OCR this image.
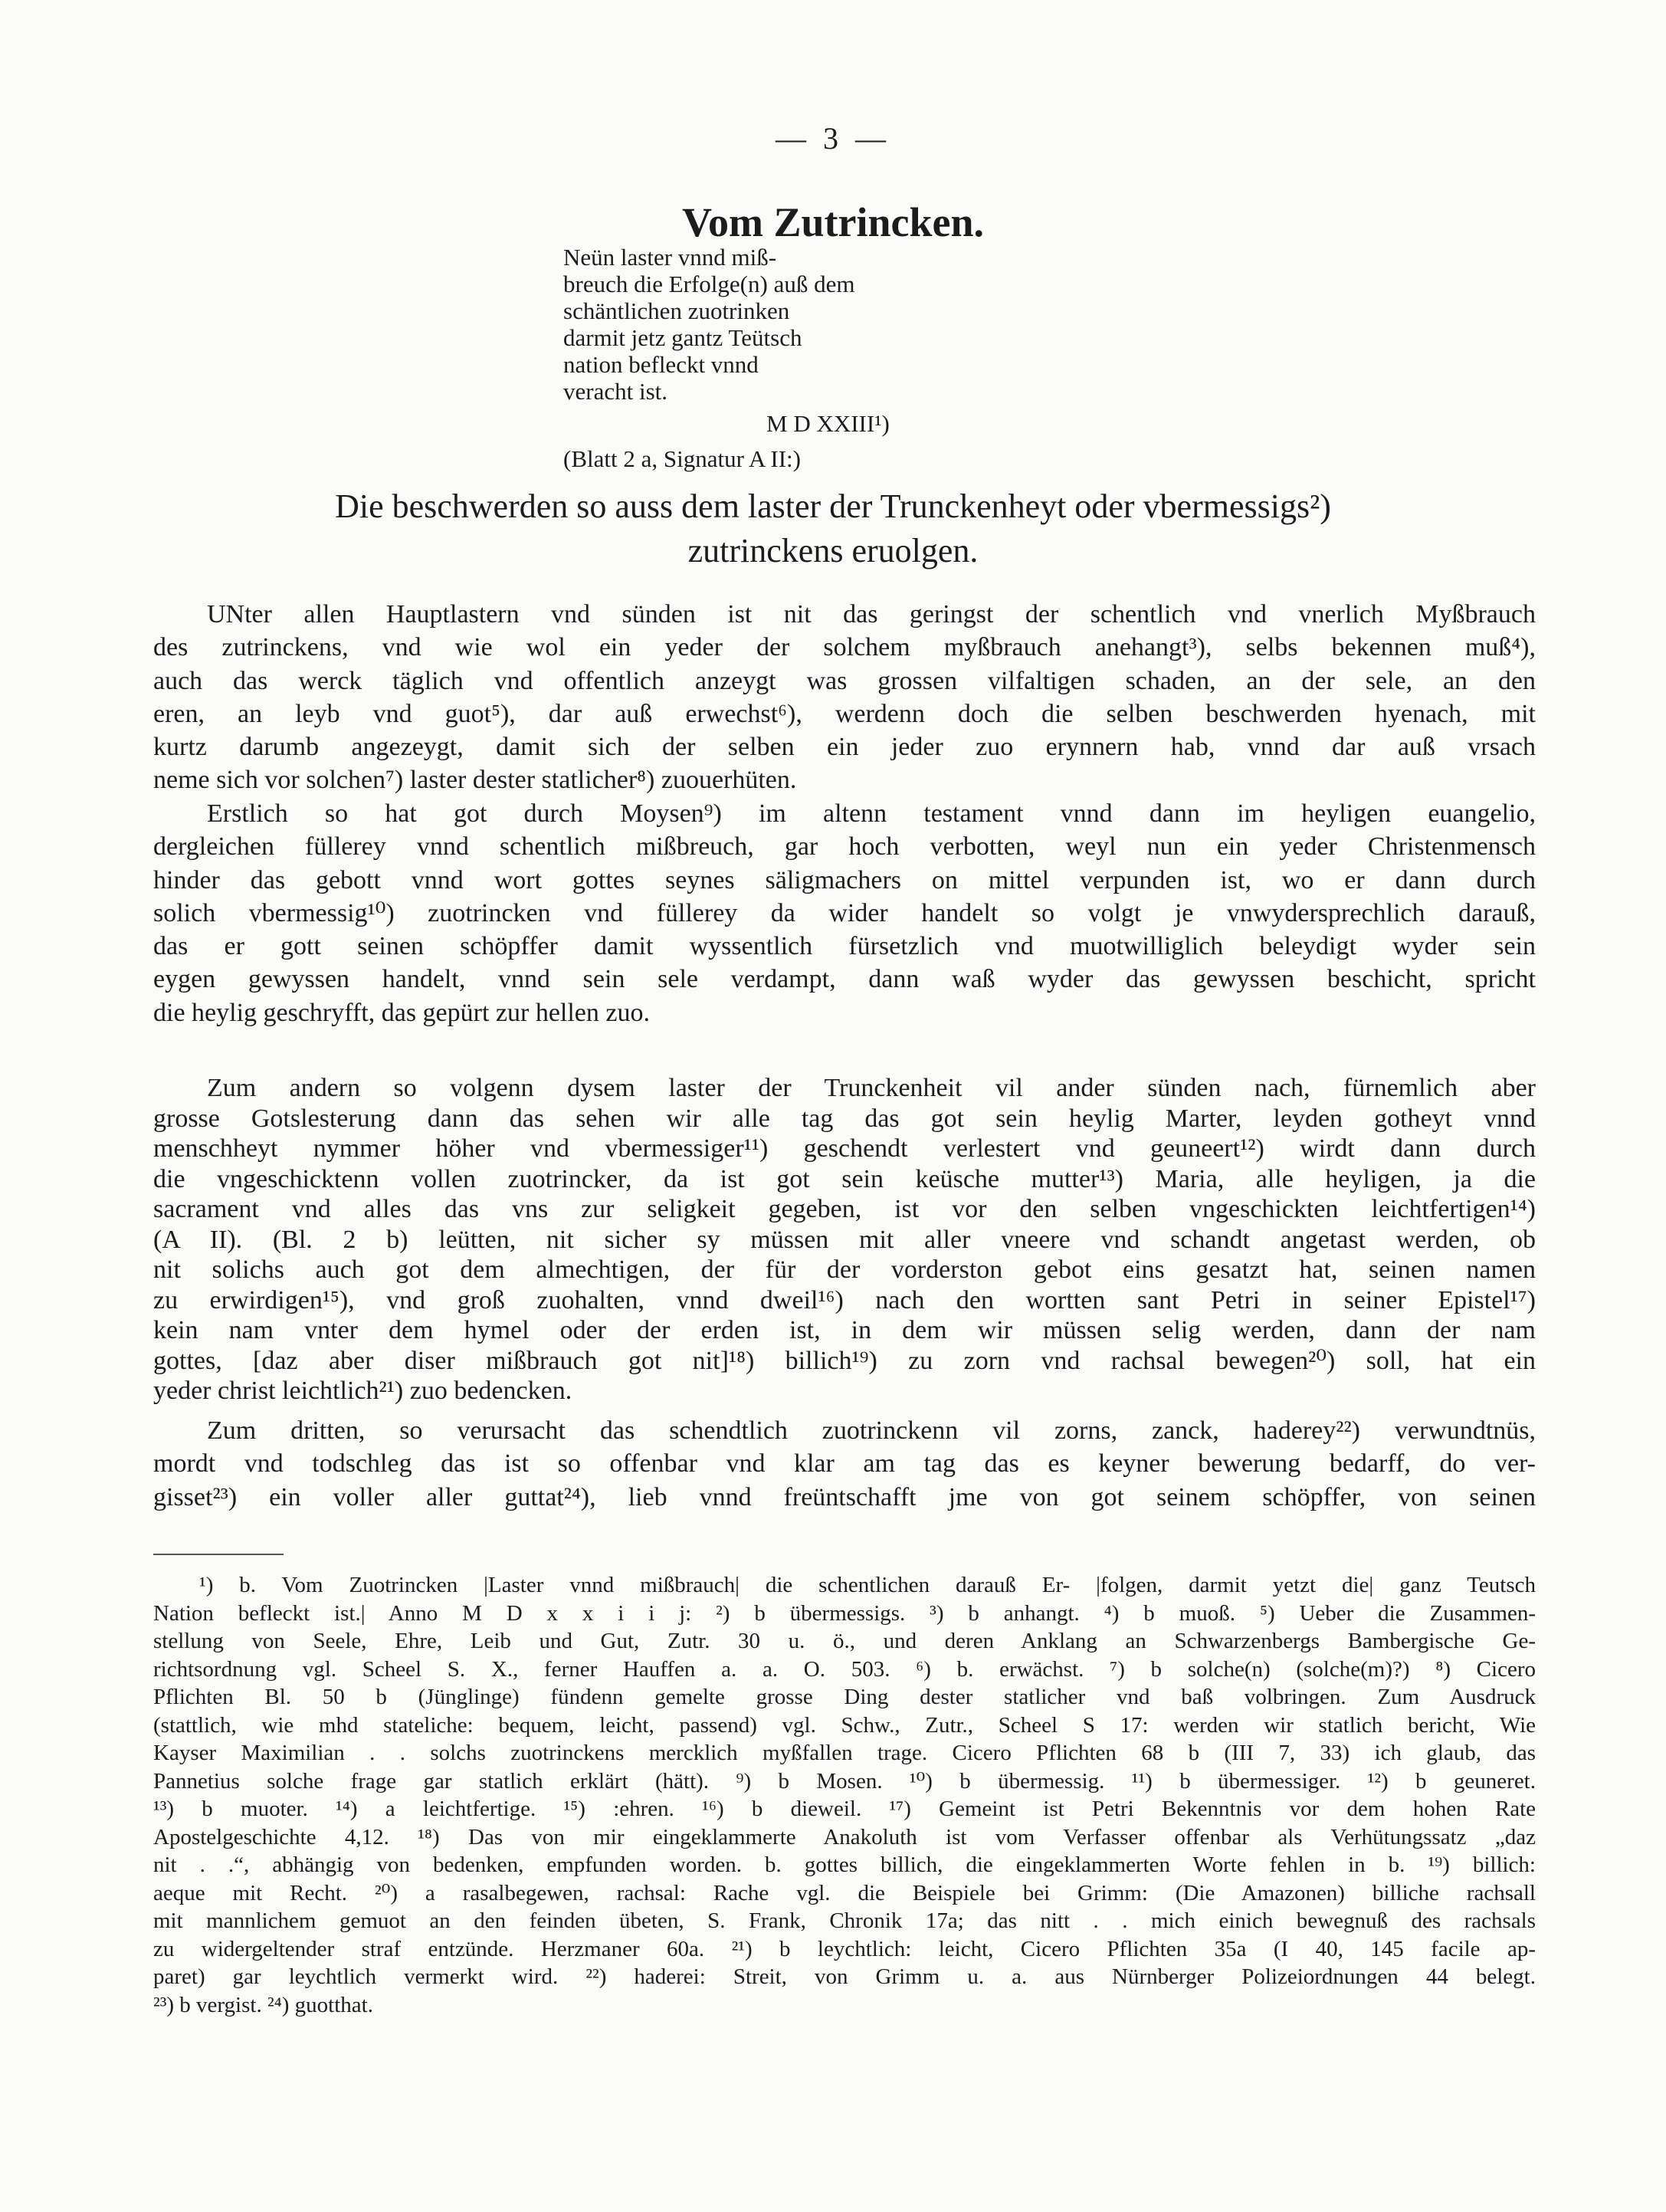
— 3 —
Vom Zutrincken.
Neün laster vnnd miß-
breuch die Erfolge(n) auß dem
schäntlichen zuotrinken
darmit jetz gantz Teütsch
nation befleckt vnnd
veracht ist.
M D XXIII¹)
(Blatt 2 a, Signatur A II:)
Die beschwerden so auss dem laster der Trunckenheyt oder vbermessigs²)
zutrinckens eruolgen.
UNter allen Hauptlastern vnd sünden ist nit das geringst der schentlich vnd vnerlich Myßbrauch
des zutrinckens, vnd wie wol ein yeder der solchem myßbrauch anehangt³), selbs bekennen muß⁴),
auch das werck täglich vnd offentlich anzeygt was grossen vilfaltigen schaden, an der sele, an den
eren, an leyb vnd guot⁵), dar auß erwechst⁶), werdenn doch die selben beschwerden hyenach, mit
kurtz darumb angezeygt, damit sich der selben ein jeder zuo erynnern hab, vnnd dar auß vrsach
neme sich vor solchen⁷) laster dester statlicher⁸) zuouerhüten.
Erstlich so hat got durch Moysen⁹) im altenn testament vnnd dann im heyligen euangelio,
dergleichen füllerey vnnd schentlich mißbreuch, gar hoch verbotten, weyl nun ein yeder Christenmensch
hinder das gebott vnnd wort gottes seynes säligmachers on mittel verpunden ist, wo er dann durch
solich vbermessig¹⁰) zuotrincken vnd füllerey da wider handelt so volgt je vnwydersprechlich darauß,
das er gott seinen schöpffer damit wyssentlich fürsetzlich vnd muotwilliglich beleydigt wyder sein
eygen gewyssen handelt, vnnd sein sele verdampt, dann waß wyder das gewyssen beschicht, spricht
die heylig geschryfft, das gepürt zur hellen zuo.
Zum andern so volgenn dysem laster der Trunckenheit vil ander sünden nach, fürnemlich aber
grosse Gotslesterung dann das sehen wir alle tag das got sein heylig Marter, leyden gotheyt vnnd
menschheyt nymmer höher vnd vbermessiger¹¹) geschendt verlestert vnd geuneert¹²) wirdt dann durch
die vngeschicktenn vollen zuotrincker, da ist got sein keüsche mutter¹³) Maria, alle heyligen, ja die
sacrament vnd alles das vns zur seligkeit gegeben, ist vor den selben vngeschickten leichtfertigen¹⁴)
(A II). (Bl. 2 b) leütten, nit sicher sy müssen mit aller vneere vnd schandt angetast werden, ob
nit solichs auch got dem almechtigen, der für der vorderston gebot eins gesatzt hat, seinen namen
zu erwirdigen¹⁵), vnd groß zuohalten, vnnd dweil¹⁶) nach den wortten sant Petri in seiner Epistel¹⁷)
kein nam vnter dem hymel oder der erden ist, in dem wir müssen selig werden, dann der nam
gottes, [daz aber diser mißbrauch got nit]¹⁸) billich¹⁹) zu zorn vnd rachsal bewegen²⁰) soll, hat ein
yeder christ leichtlich²¹) zuo bedencken.
Zum dritten, so verursacht das schendtlich zuotrinckenn vil zorns, zanck, haderey²²) verwundtnüs,
mordt vnd todschleg das ist so offenbar vnd klar am tag das es keyner bewerung bedarff, do ver-
gisset²³) ein voller aller guttat²⁴), lieb vnnd freüntschafft jme von got seinem schöpffer, von seinen
¹) b. Vom Zuotrincken |Laster vnnd mißbrauch| die schentlichen darauß Er- |folgen, darmit yetzt die| ganz Teutsch
Nation befleckt ist.| Anno M D x x i i j: ²) b übermessigs. ³) b anhangt. ⁴) b muoß. ⁵) Ueber die Zusammen-
stellung von Seele, Ehre, Leib und Gut, Zutr. 30 u. ö., und deren Anklang an Schwarzenbergs Bambergische Ge-
richtsordnung vgl. Scheel S. X., ferner Hauffen a. a. O. 503. ⁶) b. erwächst. ⁷) b solche(n) (solche(m)?) ⁸) Cicero
Pflichten Bl. 50 b (Jünglinge) fündenn gemelte grosse Ding dester statlicher vnd baß volbringen. Zum Ausdruck
(stattlich, wie mhd stateliche: bequem, leicht, passend) vgl. Schw., Zutr., Scheel S 17: werden wir statlich bericht, Wie
Kayser Maximilian . . solchs zuotrinckens mercklich myßfallen trage. Cicero Pflichten 68 b (III 7, 33) ich glaub, das
Pannetius solche frage gar statlich erklärt (hätt). ⁹) b Mosen. ¹⁰) b übermessig. ¹¹) b übermessiger. ¹²) b geuneret.
¹³) b muoter. ¹⁴) a leichtfertige. ¹⁵) :ehren. ¹⁶) b dieweil. ¹⁷) Gemeint ist Petri Bekenntnis vor dem hohen Rate
Apostelgeschichte 4,12. ¹⁸) Das von mir eingeklammerte Anakoluth ist vom Verfasser offenbar als Verhütungssatz „daz
nit . .“, abhängig von bedenken, empfunden worden. b. gottes billich, die eingeklammerten Worte fehlen in b. ¹⁹) billich:
aeque mit Recht. ²⁰) a rasalbegewen, rachsal: Rache vgl. die Beispiele bei Grimm: (Die Amazonen) billiche rachsall
mit mannlichem gemuot an den feinden übeten, S. Frank, Chronik 17a; das nitt . . mich einich bewegnuß des rachsals
zu widergeltender straf entzünde. Herzmaner 60a. ²¹) b leychtlich: leicht, Cicero Pflichten 35a (I 40, 145 facile ap-
paret) gar leychtlich vermerkt wird. ²²) haderei: Streit, von Grimm u. a. aus Nürnberger Polizeiordnungen 44 belegt.
²³) b vergist. ²⁴) guotthat.
